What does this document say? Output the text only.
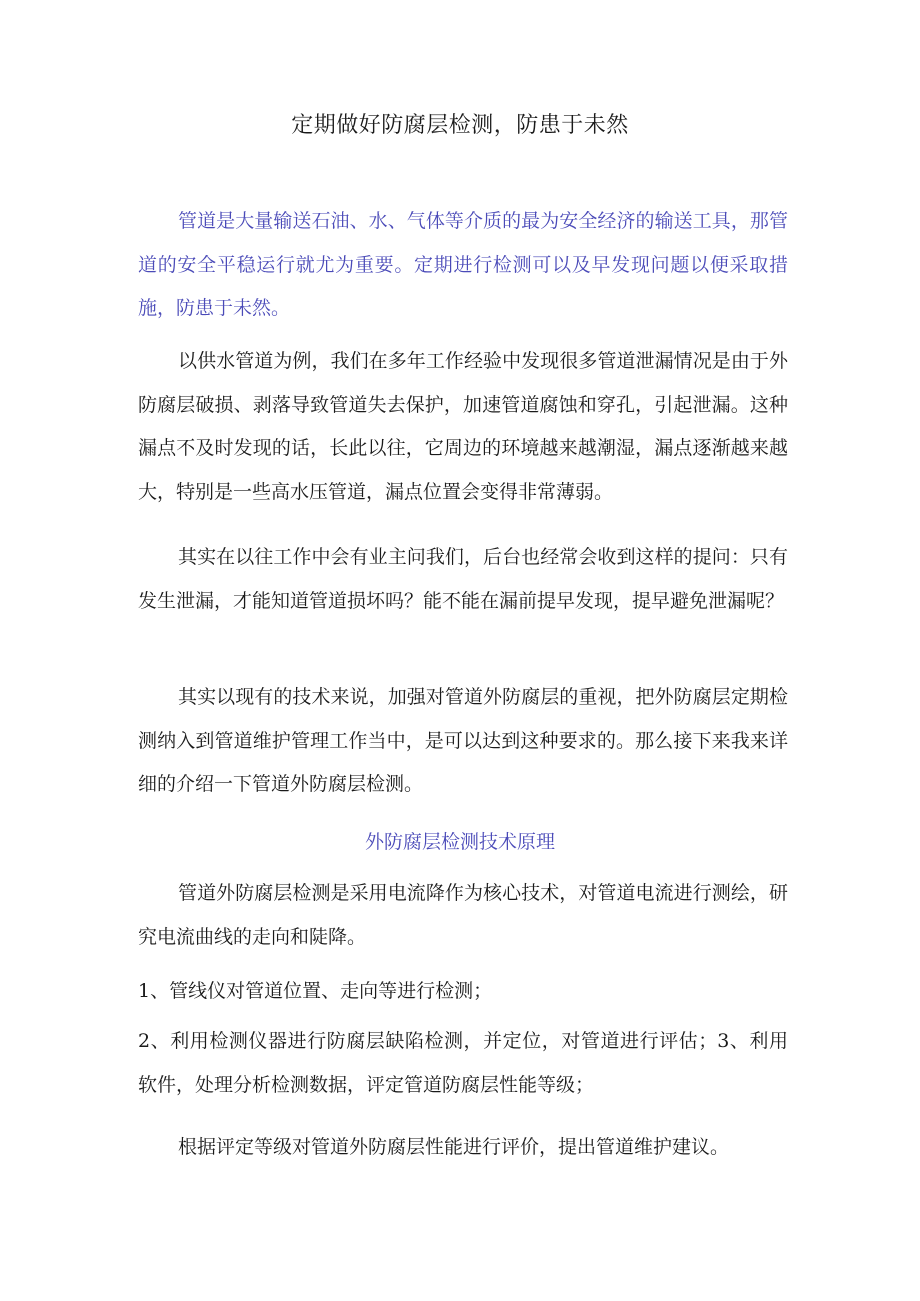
定期做好防腐层检测，防患于未然

管道是大量输送石油、水、气体等介质的最为安全经济的输送工具，那管道的安全平稳运行就尤为重要。定期进行检测可以及早发现问题以便采取措施，防患于未然。

以供水管道为例，我们在多年工作经验中发现很多管道泄漏情况是由于外防腐层破损、剥落导致管道失去保护，加速管道腐蚀和穿孔，引起泄漏。这种漏点不及时发现的话，长此以往，它周边的环境越来越潮湿，漏点逐渐越来越大，特别是一些高水压管道，漏点位置会变得非常薄弱。

其实在以往工作中会有业主问我们，后台也经常会收到这样的提问：只有发生泄漏，才能知道管道损坏吗？能不能在漏前提早发现，提早避免泄漏呢？

其实以现有的技术来说，加强对管道外防腐层的重视，把外防腐层定期检测纳入到管道维护管理工作当中，是可以达到这种要求的。那么接下来我来详细的介绍一下管道外防腐层检测。

外防腐层检测技术原理

管道外防腐层检测是采用电流降作为核心技术，对管道电流进行测绘，研究电流曲线的走向和陡降。

1、管线仪对管道位置、走向等进行检测；

2、利用检测仪器进行防腐层缺陷检测，并定位，对管道进行评估；3、利用软件，处理分析检测数据，评定管道防腐层性能等级；

根据评定等级对管道外防腐层性能进行评价，提出管道维护建议。
